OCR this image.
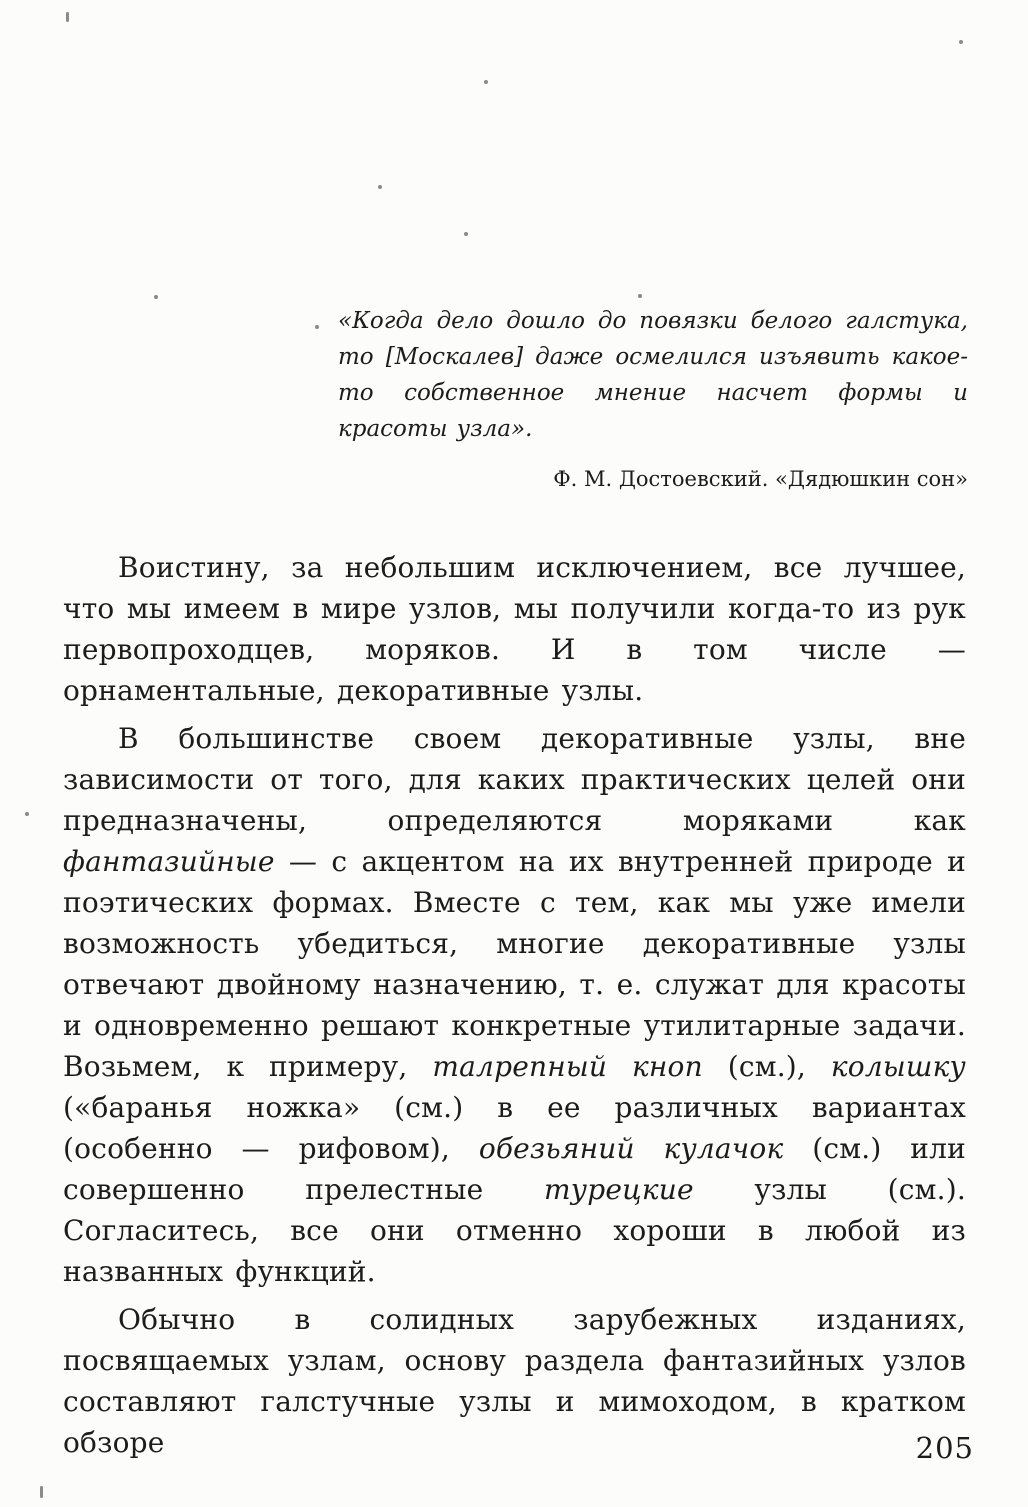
«Когда дело дошло до повязки белого галстука, то [Москалев] даже осмелился изъявить какое-то собственное мнение насчет формы и красоты узла».
Ф. М. Достоевский. «Дядюшкин сон»

Воистину, за небольшим исключением, все лучшее, что мы имеем в мире узлов, мы получили когда-то из рук первопроходцев, моряков. И в том числе — орнаментальные, декоративные узлы.

В большинстве своем декоративные узлы, вне зависимости от того, для каких практических целей они предназначены, определяются моряками как фантазийные — с акцентом на их внутренней природе и поэтических формах. Вместе с тем, как мы уже имели возможность убедиться, многие декоративные узлы отвечают двойному назначению, т. е. служат для красоты и одновременно решают конкретные утилитарные задачи. Возьмем, к примеру, талрепный кноп (см.), колышку («баранья ножка» (см.) в ее различных вариантах (особенно — рифовом), обезьяний кулачок (см.) или совершенно прелестные турецкие узлы (см.). Согласитесь, все они отменно хороши в любой из названных функций.

Обычно в солидных зарубежных изданиях, посвящаемых узлам, основу раздела фантазийных узлов составляют галстучные узлы и мимоходом, в кратком обзоре	205
